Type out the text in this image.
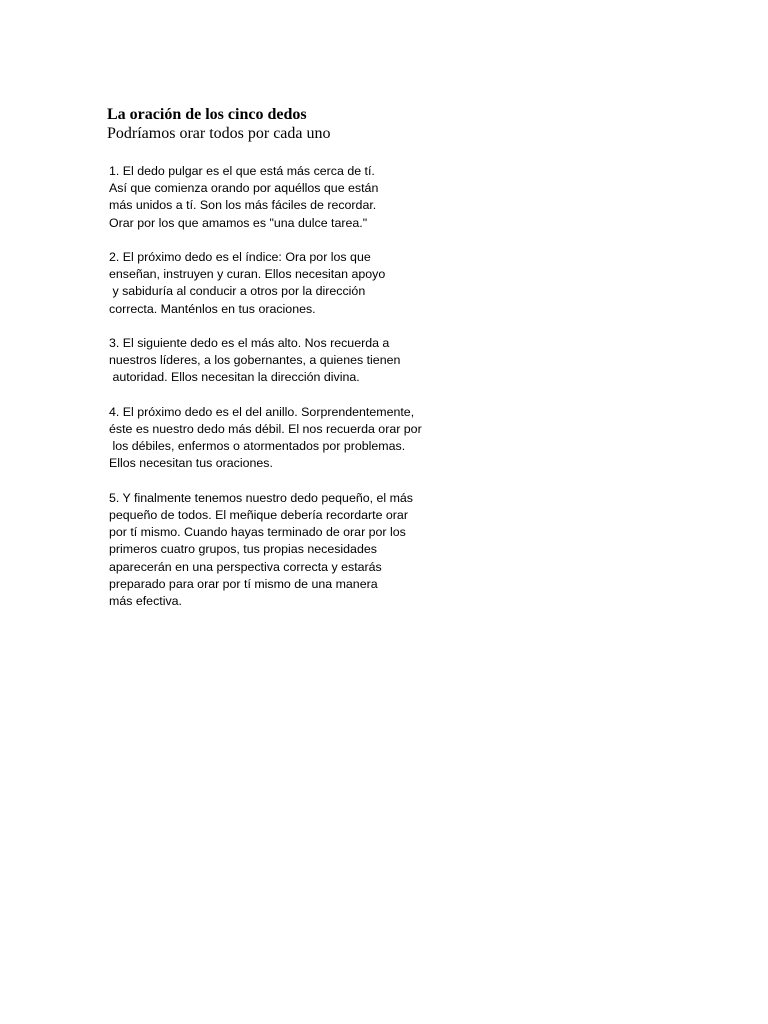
La oración de los cinco dedos
Podríamos orar todos por cada uno
1. El dedo pulgar es el que está más cerca de tí.
Así que comienza orando por aquéllos que están
más unidos a tí. Son los más fáciles de recordar.
Orar por los que amamos es "una dulce tarea."
2. El próximo dedo es el índice: Ora por los que
enseñan, instruyen y curan. Ellos necesitan apoyo
y sabiduría al conducir a otros por la dirección
correcta. Manténlos en tus oraciones.
3. El siguiente dedo es el más alto. Nos recuerda a
nuestros líderes, a los gobernantes, a quienes tienen
autoridad. Ellos necesitan la dirección divina.
4. El próximo dedo es el del anillo. Sorprendentemente,
éste es nuestro dedo más débil. El nos recuerda orar por
los débiles, enfermos o atormentados por problemas.
Ellos necesitan tus oraciones.
5. Y finalmente tenemos nuestro dedo pequeño, el más
pequeño de todos. El meñique debería recordarte orar
por tí mismo. Cuando hayas terminado de orar por los
primeros cuatro grupos, tus propias necesidades
aparecerán en una perspectiva correcta y estarás
preparado para orar por tí mismo de una manera
más efectiva.
